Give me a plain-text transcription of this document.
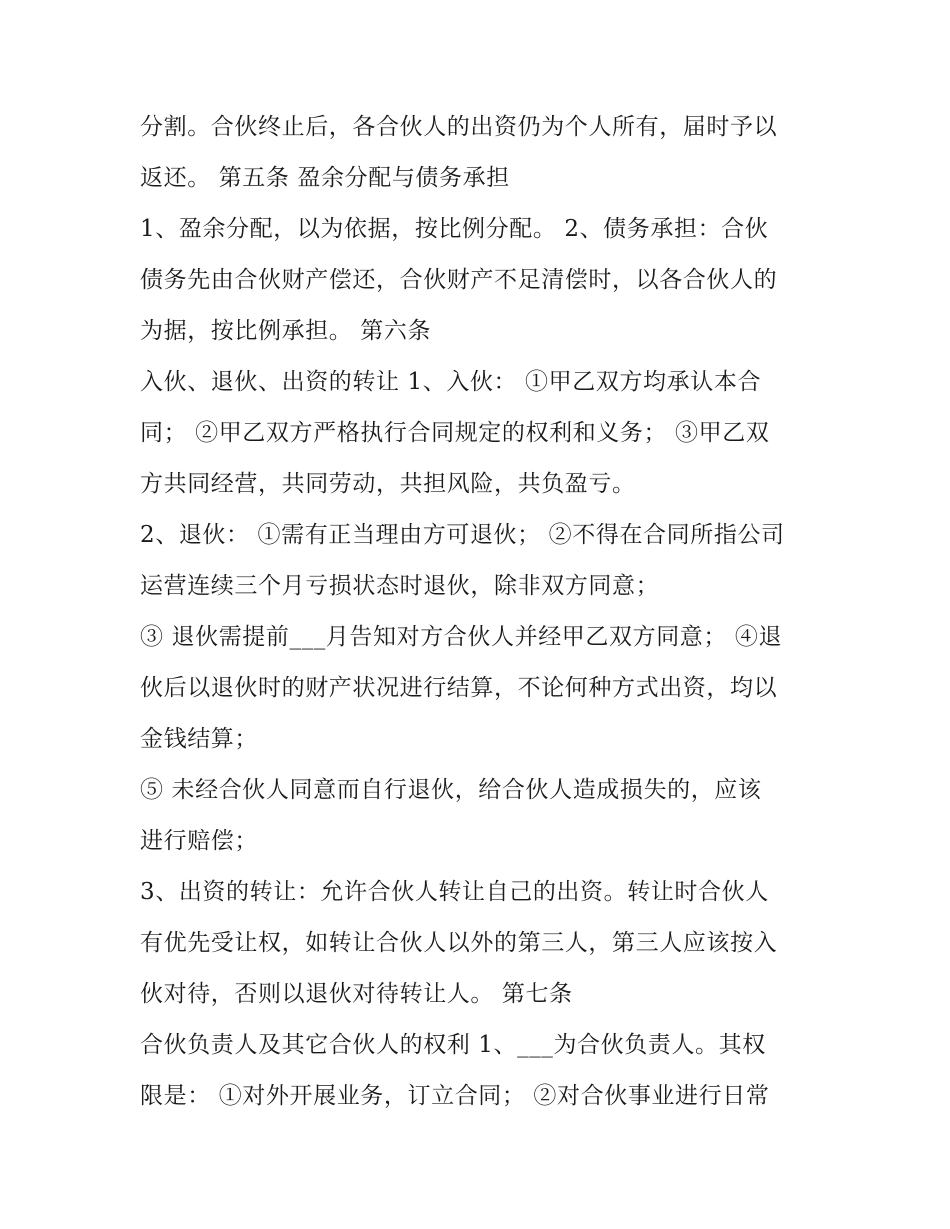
分割。合伙终止后，各合伙人的出资仍为个人所有，届时予以
返还。 第五条 盈余分配与债务承担
1、盈余分配，以为依据，按比例分配。 2、债务承担：合伙
债务先由合伙财产偿还，合伙财产不足清偿时，以各合伙人的
为据，按比例承担。 第六条
入伙、退伙、出资的转让 1、入伙： ①甲乙双方均承认本合
同； ②甲乙双方严格执行合同规定的权利和义务； ③甲乙双
方共同经营，共同劳动，共担风险，共负盈亏。
2、退伙： ①需有正当理由方可退伙； ②不得在合同所指公司
运营连续三个月亏损状态时退伙，除非双方同意；
③ 退伙需提前___月告知对方合伙人并经甲乙双方同意； ④退
伙后以退伙时的财产状况进行结算，不论何种方式出资，均以
金钱结算；
⑤ 未经合伙人同意而自行退伙，给合伙人造成损失的，应该
进行赔偿；
3、出资的转让：允许合伙人转让自己的出资。转让时合伙人
有优先受让权，如转让合伙人以外的第三人，第三人应该按入
伙对待，否则以退伙对待转让人。 第七条
合伙负责人及其它合伙人的权利 1、___为合伙负责人。其权
限是： ①对外开展业务，订立合同； ②对合伙事业进行日常
